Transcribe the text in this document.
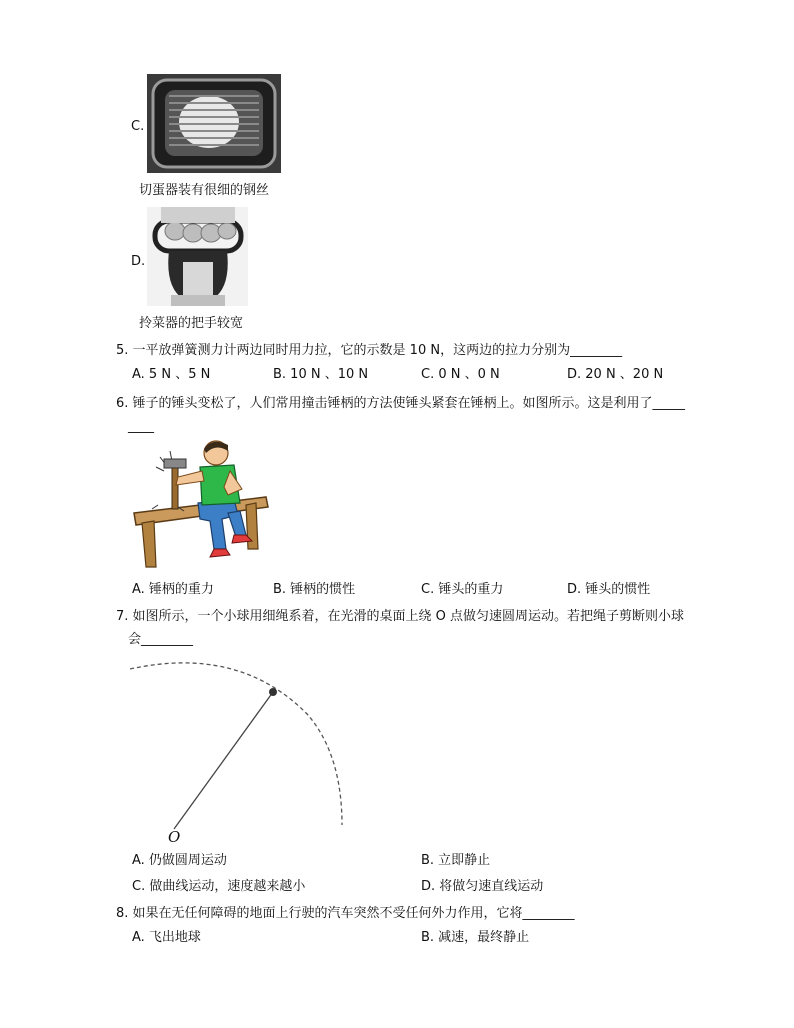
C.
切蛋器装有很细的钢丝
D.
拎菜器的把手较宽
5. 一平放弹簧测力计两边同时用力拉，它的示数是 10 N，这两边的拉力分别为________
A. 5 N 、5 N	B. 10 N 、10 N	C. 0 N 、0 N	D. 20 N 、20 N
6. 锤子的锤头变松了，人们常用撞击锤柄的方法使锤头紧套在锤柄上。如图所示。这是利用了_____
____
A. 锤柄的重力	B. 锤柄的惯性	C. 锤头的重力	D. 锤头的惯性
7. 如图所示，一个小球用细绳系着，在光滑的桌面上绕 O 点做匀速圆周运动。若把绳子剪断则小球
会________
O
A. 仍做圆周运动	B. 立即静止
C. 做曲线运动，速度越来越小	D. 将做匀速直线运动
8. 如果在无任何障碍的地面上行驶的汽车突然不受任何外力作用，它将________
A. 飞出地球	B. 减速，最终静止
